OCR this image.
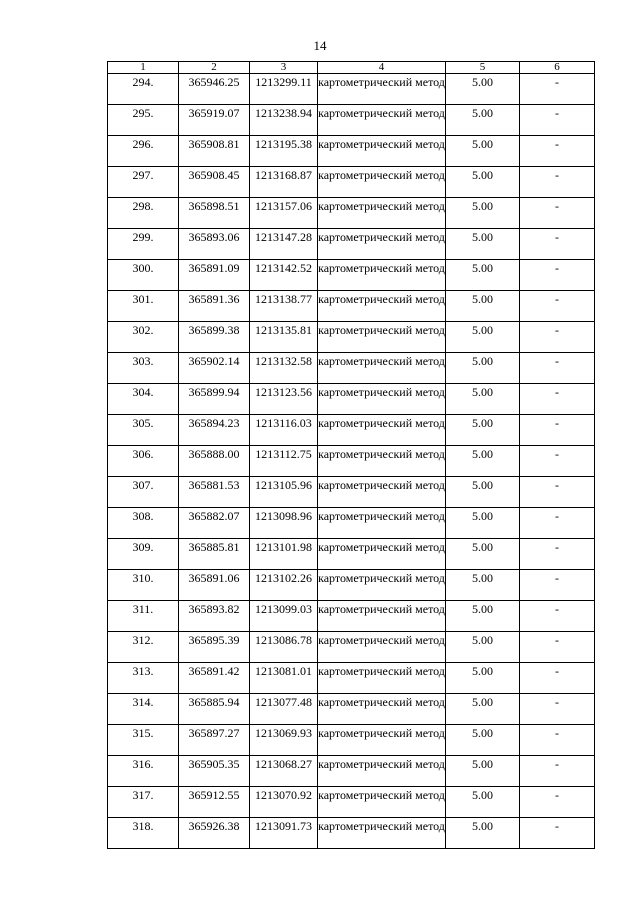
14
1	2	3	4	5	6
294.	365946.25	1213299.11	картометрический метод	5.00	-
295.	365919.07	1213238.94	картометрический метод	5.00	-
296.	365908.81	1213195.38	картометрический метод	5.00	-
297.	365908.45	1213168.87	картометрический метод	5.00	-
298.	365898.51	1213157.06	картометрический метод	5.00	-
299.	365893.06	1213147.28	картометрический метод	5.00	-
300.	365891.09	1213142.52	картометрический метод	5.00	-
301.	365891.36	1213138.77	картометрический метод	5.00	-
302.	365899.38	1213135.81	картометрический метод	5.00	-
303.	365902.14	1213132.58	картометрический метод	5.00	-
304.	365899.94	1213123.56	картометрический метод	5.00	-
305.	365894.23	1213116.03	картометрический метод	5.00	-
306.	365888.00	1213112.75	картометрический метод	5.00	-
307.	365881.53	1213105.96	картометрический метод	5.00	-
308.	365882.07	1213098.96	картометрический метод	5.00	-
309.	365885.81	1213101.98	картометрический метод	5.00	-
310.	365891.06	1213102.26	картометрический метод	5.00	-
311.	365893.82	1213099.03	картометрический метод	5.00	-
312.	365895.39	1213086.78	картометрический метод	5.00	-
313.	365891.42	1213081.01	картометрический метод	5.00	-
314.	365885.94	1213077.48	картометрический метод	5.00	-
315.	365897.27	1213069.93	картометрический метод	5.00	-
316.	365905.35	1213068.27	картометрический метод	5.00	-
317.	365912.55	1213070.92	картометрический метод	5.00	-
318.	365926.38	1213091.73	картометрический метод	5.00	-
